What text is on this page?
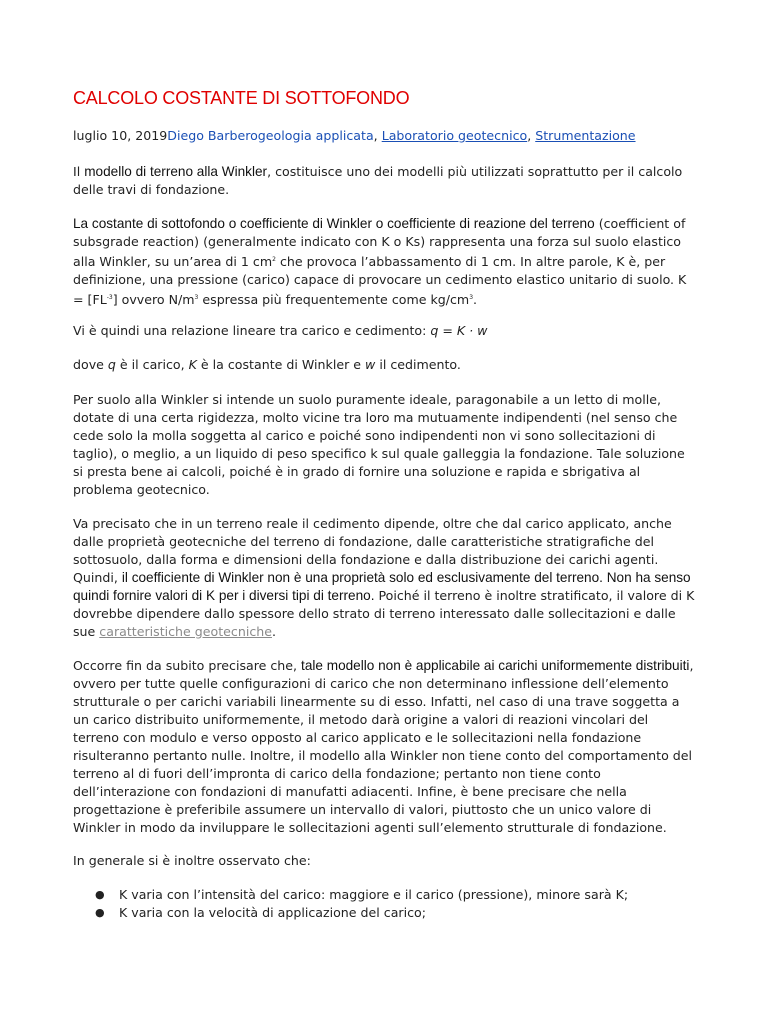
CALCOLO COSTANTE DI SOTTOFONDO
luglio 10, 2019Diego Barberogeologia applicata, Laboratorio geotecnico, Strumentazione

Il modello di terreno alla Winkler, costituisce uno dei modelli più utilizzati soprattutto per il calcolo delle travi di fondazione.

La costante di sottofondo o coefficiente di Winkler o coefficiente di reazione del terreno (coefficient of subsgrade reaction) (generalmente indicato con K o Ks) rappresenta una forza sul suolo elastico alla Winkler, su un’area di 1 $cm^2$ che provoca l’abbassamento di 1 cm. In altre parole, K è, per definizione, una pressione (carico) capace di provocare un cedimento elastico unitario di suolo. $K = [FL^{-3}]$ ovvero $N/m^3$ espressa più frequentemente come $kg/cm^3$.

Vi è quindi una relazione lineare tra carico e cedimento: q = K · w

dove q è il carico, K è la costante di Winkler e w il cedimento.

Per suolo alla Winkler si intende un suolo puramente ideale, paragonabile a un letto di molle, dotate di una certa rigidezza, molto vicine tra loro ma mutuamente indipendenti (nel senso che cede solo la molla soggetta al carico e poiché sono indipendenti non vi sono sollecitazioni di taglio), o meglio, a un liquido di peso specifico k sul quale galleggia la fondazione. Tale soluzione si presta bene ai calcoli, poiché è in grado di fornire una soluzione e rapida e sbrigativa al problema geotecnico.

Va precisato che in un terreno reale il cedimento dipende, oltre che dal carico applicato, anche dalle proprietà geotecniche del terreno di fondazione, dalle caratteristiche stratigrafiche del sottosuolo, dalla forma e dimensioni della fondazione e dalla distribuzione dei carichi agenti. Quindi, il coefficiente di Winkler non è una proprietà solo ed esclusivamente del terreno. Non ha senso quindi fornire valori di K per i diversi tipi di terreno. Poiché il terreno è inoltre stratificato, il valore di K dovrebbe dipendere dallo spessore dello strato di terreno interessato dalle sollecitazioni e dalle sue caratteristiche geotecniche.

Occorre fin da subito precisare che, tale modello non è applicabile ai carichi uniformemente distribuiti, ovvero per tutte quelle configurazioni di carico che non determinano inflessione dell’elemento strutturale o per carichi variabili linearmente su di esso. Infatti, nel caso di una trave soggetta a un carico distribuito uniformemente, il metodo darà origine a valori di reazioni vincolari del terreno con modulo e verso opposto al carico applicato e le sollecitazioni nella fondazione risulteranno pertanto nulle. Inoltre, il modello alla Winkler non tiene conto del comportamento del terreno al di fuori dell’impronta di carico della fondazione; pertanto non tiene conto dell’interazione con fondazioni di manufatti adiacenti. Infine, è bene precisare che nella progettazione è preferibile assumere un intervallo di valori, piuttosto che un unico valore di Winkler in modo da inviluppare le sollecitazioni agenti sull’elemento strutturale di fondazione.

In generale si è inoltre osservato che:

● K varia con l’intensità del carico: maggiore e il carico (pressione), minore sarà K;
● K varia con la velocità di applicazione del carico;
